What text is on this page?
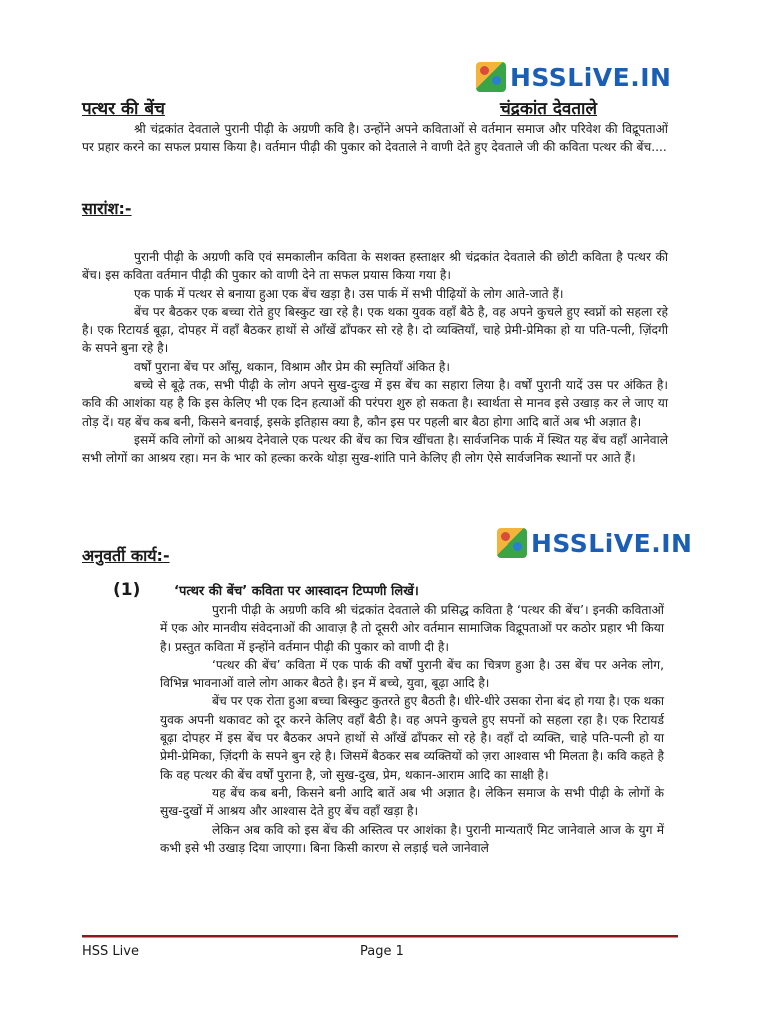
HSSLiVE.IN
पत्थर की बेंच	चंद्रकांत देवताले

श्री चंद्रकांत देवताले पुरानी पीढ़ी के अग्रणी कवि है। उन्होंने अपने कविताओं से वर्तमान समाज और परिवेश की विद्रूपताओं पर प्रहार करने का सफल प्रयास किया है। वर्तमान पीढ़ी की पुकार को देवताले ने वाणी देते हुए देवताले जी की कविता पत्थर की बेंच....

सारांश:-

पुरानी पीढ़ी के अग्रणी कवि एवं समकालीन कविता के सशक्त हस्ताक्षर श्री चंद्रकांत देवताले की छोटी कविता है पत्थर की बेंच। इस कविता वर्तमान पीढ़ी की पुकार को वाणी देने ता सफल प्रयास किया गया है।

एक पार्क में पत्थर से बनाया हुआ एक बेंच खड़ा है। उस पार्क में सभी पीढ़ियों के लोग आते-जाते हैं।

बेंच पर बैठकर एक बच्चा रोते हुए बिस्कुट खा रहे है। एक थका युवक वहाँ बैठे है, वह अपने कुचले हुए स्वप्नों को सहला रहे है। एक रिटायर्ड बूढ़ा, दोपहर में वहाँ बैठकर हाथों से आँखें ढाँपकर सो रहे है। दो व्यक्तियाँ, चाहे प्रेमी-प्रेमिका हो या पति-पत्नी, ज़िंदगी के सपने बुना रहे है।

वर्षों पुराना बेंच पर आँसू, थकान, विश्राम और प्रेम की स्मृतियाँ अंकित है।

बच्चे से बूढ़े तक, सभी पीढ़ी के लोग अपने सुख-दुःख में इस बेंच का सहारा लिया है। वर्षों पुरानी यादें उस पर अंकित है। कवि की आशंका यह है कि इस केलिए भी एक दिन हत्याओं की परंपरा शुरु हो सकता है। स्वार्थता से मानव इसे उखाड़ कर ले जाए या तोड़ दें। यह बेंच कब बनी, किसने बनवाई, इसके इतिहास क्या है, कौन इस पर पहली बार बैठा होगा आदि बातें अब भी अज्ञात है।

इसमें कवि लोगों को आश्रय देनेवाले एक पत्थर की बेंच का चित्र खींचता है। सार्वजनिक पार्क में स्थित यह बेंच वहाँ आनेवाले सभी लोगों का आश्रय रहा। मन के भार को हल्का करके थोड़ा सुख-शांति पाने केलिए ही लोग ऐसे सार्वजनिक स्थानों पर आते हैं।

अनुवर्ती कार्य:-	HSSLiVE.IN
(1)	‘पत्थर की बेंच’ कविता पर आस्वादन टिप्पणी लिखें।

पुरानी पीढ़ी के अग्रणी कवि श्री चंद्रकांत देवताले की प्रसिद्ध कविता है ‘पत्थर की बेंच’। इनकी कविताओं में एक ओर मानवीय संवेदनाओं की आवाज़ है तो दूसरी ओर वर्तमान सामाजिक विद्रूपताओं पर कठोर प्रहार भी किया है। प्रस्तुत कविता में इन्होंने वर्तमान पीढ़ी की पुकार को वाणी दी है।

‘पत्थर की बेंच’ कविता में एक पार्क की वर्षों पुरानी बेंच का चित्रण हुआ है। उस बेंच पर अनेक लोग, विभिन्न भावनाओं वाले लोग आकर बैठते है। इन में बच्चे, युवा, बूढ़ा आदि है।

बेंच पर एक रोता हुआ बच्चा बिस्कुट कुतरते हुए बैठती है। धीरे-धीरे उसका रोना बंद हो गया है। एक थका युवक अपनी थकावट को दूर करने केलिए वहाँ बैठी है। वह अपने कुचले हुए सपनों को सहला रहा है। एक रिटायर्ड बूढ़ा दोपहर में इस बेंच पर बैठकर अपने हाथों से आँखें ढाँपकर सो रहे है। वहाँ दो व्यक्ति, चाहे पति-पत्नी हो या प्रेमी-प्रेमिका, ज़िंदगी के सपने बुन रहे है। जिसमें बैठकर सब व्यक्तियों को ज़रा आश्वास भी मिलता है। कवि कहते है कि वह पत्थर की बेंच वर्षों पुराना है, जो सुख-दुख, प्रेम, थकान-आराम आदि का साक्षी है।

यह बेंच कब बनी, किसने बनी आदि बातें अब भी अज्ञात है। लेकिन समाज के सभी पीढ़ी के लोगों के सुख-दुखों में आश्रय और आश्वास देते हुए बेंच वहाँ खड़ा है।

लेकिन अब कवि को इस बेंच की अस्तित्व पर आशंका है। पुरानी मान्यताएँ मिट जानेवाले आज के युग में कभी इसे भी उखाड़ दिया जाएगा। बिना किसी कारण से लड़ाई चले जानेवाले

HSS Live	Page 1
